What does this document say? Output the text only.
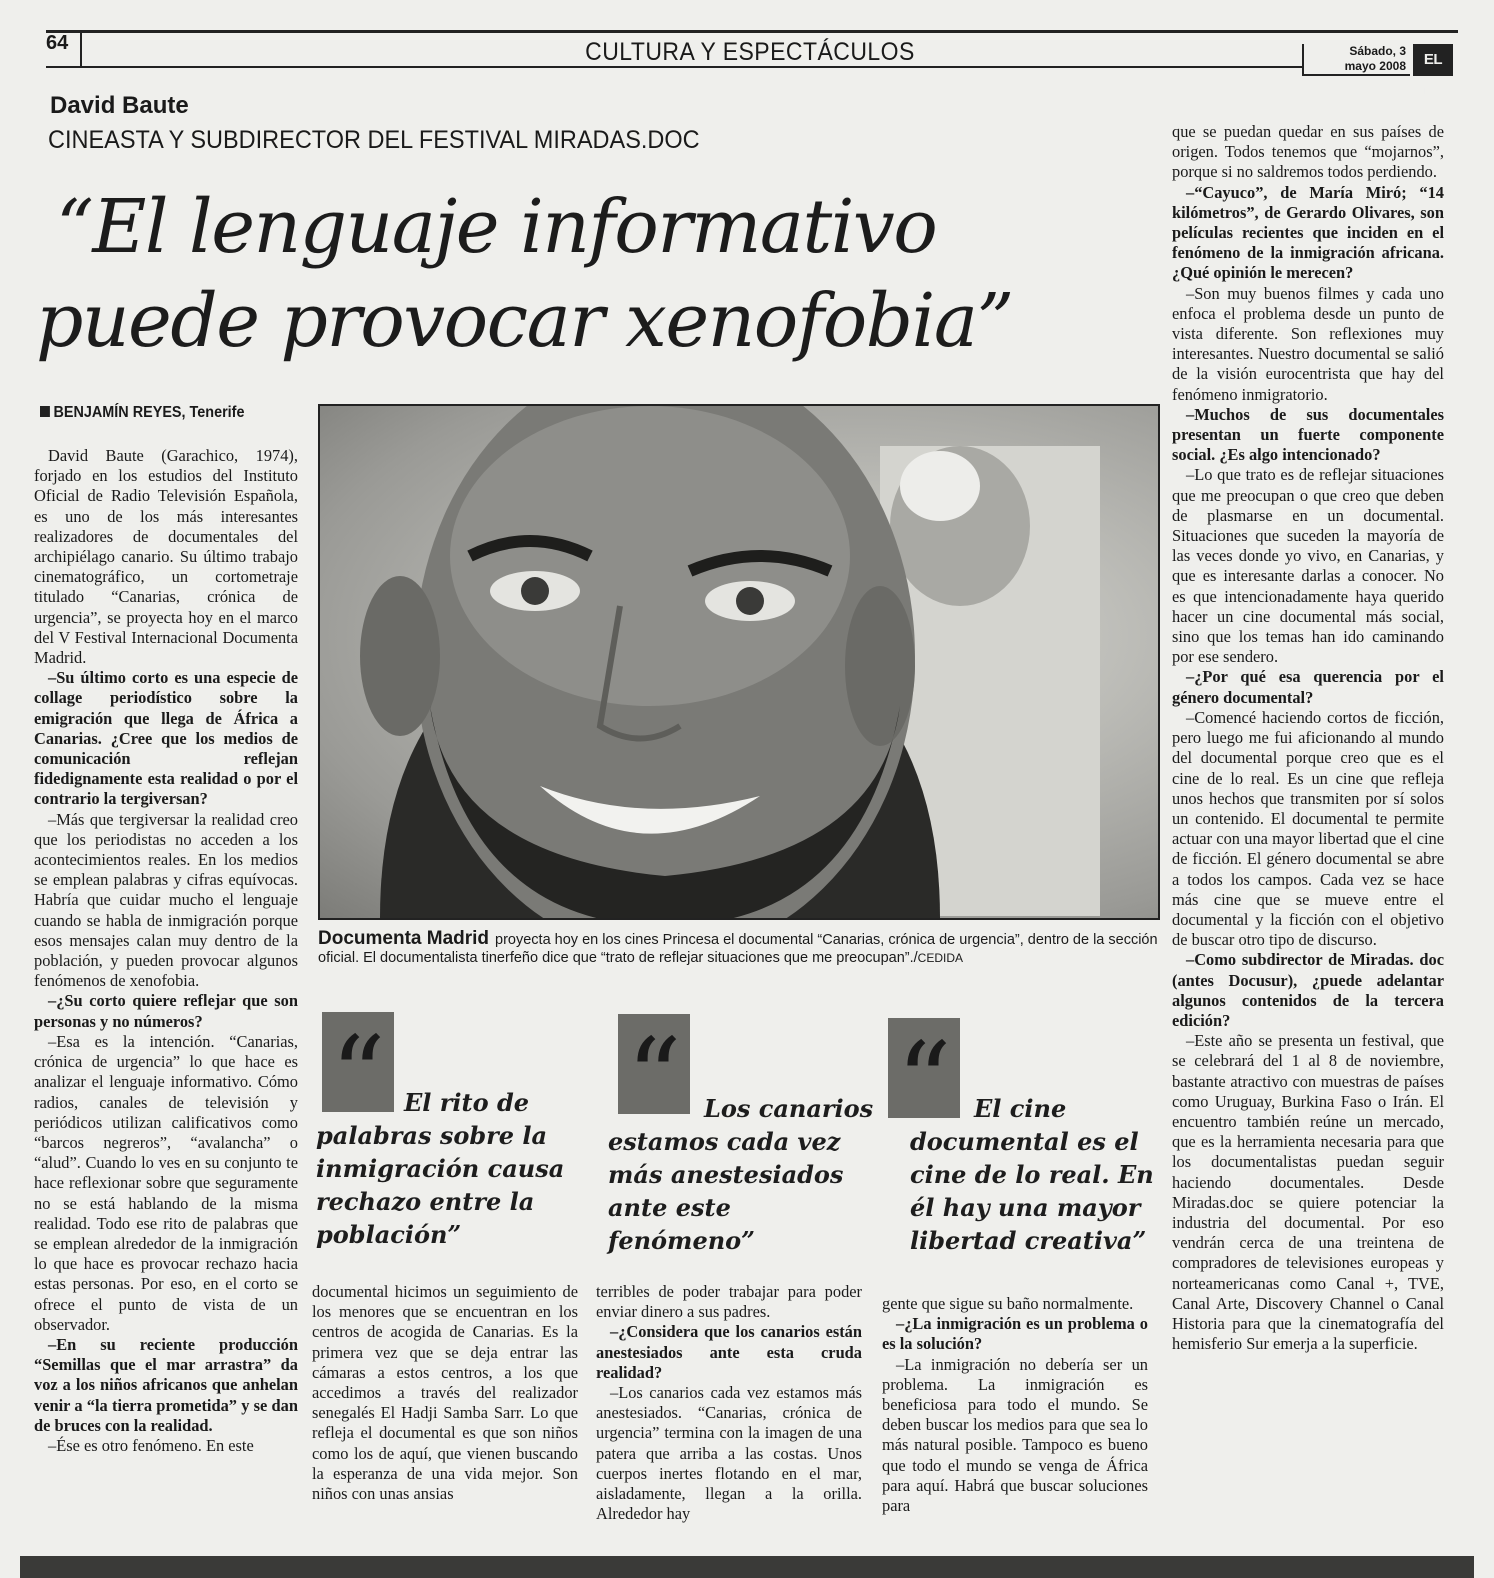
64	CULTURA Y ESPECTÁCULOS	Sábado, 3
mayo 2008	EL DIA
David Baute
CINEASTA Y SUBDIRECTOR DEL FESTIVAL MIRADAS.DOC
“El lenguaje informativo
puede provocar xenofobia”
BENJAMÍN REYES, Tenerife

David Baute (Garachico, 1974), forjado en los estudios del Instituto Oficial de Radio Televisión Española, es uno de los más interesantes realizadores de documentales del archipiélago canario. Su último trabajo cinematográfico, un cortometraje titulado “Canarias, crónica de urgencia”, se proyecta hoy en el marco del V Festival Internacional Documenta Madrid.

–Su último corto es una especie de collage periodístico sobre la emigración que llega de África a Canarias. ¿Cree que los medios de comunicación reflejan fidedignamente esta realidad o por el contrario la tergiversan?

–Más que tergiversar la realidad creo que los periodistas no acceden a los acontecimientos reales. En los medios se emplean palabras y cifras equívocas. Habría que cuidar mucho el lenguaje cuando se habla de inmigración porque esos mensajes calan muy dentro de la población, y pueden provocar algunos fenómenos de xenofobia.

–¿Su corto quiere reflejar que son personas y no números?

–Esa es la intención. “Canarias, crónica de urgencia” lo que hace es analizar el lenguaje informativo. Cómo radios, canales de televisión y periódicos utilizan calificativos como “barcos negreros”, “avalancha” o “alud”. Cuando lo ves en su conjunto te hace reflexionar sobre que seguramente no se está hablando de la misma realidad. Todo ese rito de palabras que se emplean alrededor de la inmigración lo que hace es provocar rechazo hacia estas personas. Por eso, en el corto se ofrece el punto de vista de un observador.

–En su reciente producción “Semillas que el mar arrastra” da voz a los niños africanos que anhelan venir a “la tierra prometida” y se dan de bruces con la realidad.

–Ése es otro fenómeno. En este

Documenta Madrid proyecta hoy en los cines Princesa el documental “Canarias, crónica de urgencia”, dentro de la sección oficial. El documentalista tinerfeño dice que “trato de reflejar situaciones que me preocupan”./CEDIDA
“ El rito de palabras sobre la inmigración causa rechazo entre la población”
“ Los canarios estamos cada vez más anestesiados ante este fenómeno”
“ El cine documental es el cine de lo real. En él hay una mayor libertad creativa”

documental hicimos un seguimiento de los menores que se encuentran en los centros de acogida de Canarias. Es la primera vez que se deja entrar las cámaras a estos centros, a los que accedimos a través del realizador senegalés El Hadji Samba Sarr. Lo que refleja el documental es que son niños como los de aquí, que vienen buscando la esperanza de una vida mejor. Son niños con unas ansias

terribles de poder trabajar para poder enviar dinero a sus padres.

–¿Considera que los canarios están anestesiados ante esta cruda realidad?

–Los canarios cada vez estamos más anestesiados. “Canarias, crónica de urgencia” termina con la imagen de una patera que arriba a las costas. Unos cuerpos inertes flotando en el mar, aisladamente, llegan a la orilla. Alrededor hay

gente que sigue su baño normalmente.

–¿La inmigración es un problema o es la solución?

–La inmigración no debería ser un problema. La inmigración es beneficiosa para todo el mundo. Se deben buscar los medios para que sea lo más natural posible. Tampoco es bueno que todo el mundo se venga de África para aquí. Habrá que buscar soluciones para

que se puedan quedar en sus países de origen. Todos tenemos que “mojarnos”, porque si no saldremos todos perdiendo.

–“Cayuco”, de María Miró; “14 kilómetros”, de Gerardo Olivares, son películas recientes que inciden en el fenómeno de la inmigración africana. ¿Qué opinión le merecen?

–Son muy buenos filmes y cada uno enfoca el problema desde un punto de vista diferente. Son reflexiones muy interesantes. Nuestro documental se salió de la visión eurocentrista que hay del fenómeno inmigratorio.

–Muchos de sus documentales presentan un fuerte componente social. ¿Es algo intencionado?

–Lo que trato es de reflejar situaciones que me preocupan o que creo que deben de plasmarse en un documental. Situaciones que suceden la mayoría de las veces donde yo vivo, en Canarias, y que es interesante darlas a conocer. No es que intencionadamente haya querido hacer un cine documental más social, sino que los temas han ido caminando por ese sendero.

–¿Por qué esa querencia por el género documental?

–Comencé haciendo cortos de ficción, pero luego me fui aficionando al mundo del documental porque creo que es el cine de lo real. Es un cine que refleja unos hechos que transmiten por sí solos un contenido. El documental te permite actuar con una mayor libertad que el cine de ficción. El género documental se abre a todos los campos. Cada vez se hace más cine que se mueve entre el documental y la ficción con el objetivo de buscar otro tipo de discurso.

–Como subdirector de Miradas. doc (antes Docusur), ¿puede adelantar algunos contenidos de la tercera edición?

–Este año se presenta un festival, que se celebrará del 1 al 8 de noviembre, bastante atractivo con muestras de países como Uruguay, Burkina Faso o Irán. El encuentro también reúne un mercado, que es la herramienta necesaria para que los documentalistas puedan seguir haciendo documentales. Desde Miradas.doc se quiere potenciar la industria del documental. Por eso vendrán cerca de una treintena de compradores de televisiones europeas y norteamericanas como Canal +, TVE, Canal Arte, Discovery Channel o Canal Historia para que la cinematografía del hemisferio Sur emerja a la superficie.
